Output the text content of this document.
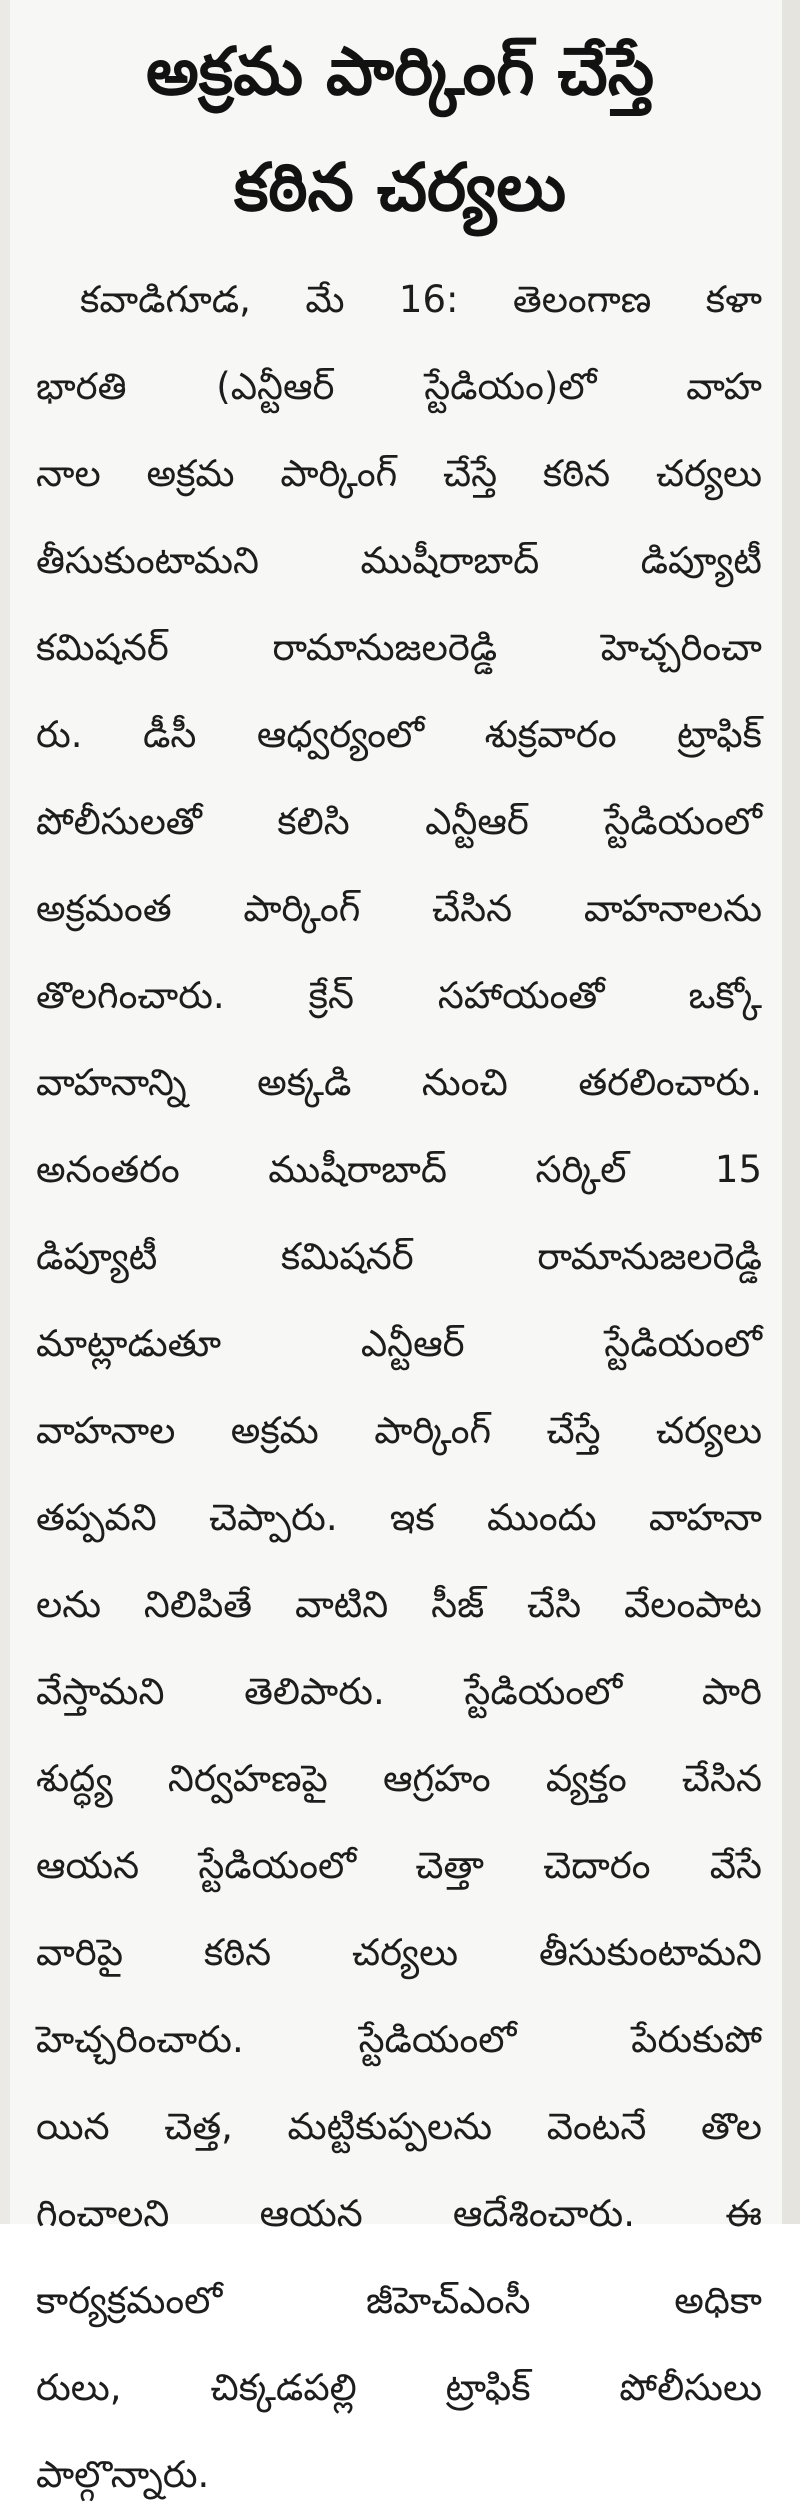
అక్రమ పార్కింగ్ చేస్తే
కఠిన చర్యలు
కవాడిగూడ, మే 16: తెలంగాణ కళా
భారతి (ఎన్టీఆర్ స్టేడియం)లో వాహ
నాల అక్రమ పార్కింగ్ చేస్తే కఠిన చర్యలు
తీసుకుంటామని ముషీరాబాద్ డిప్యూటీ
కమిషనర్ రామానుజలరెడ్డి హెచ్చరించా
రు. డీసీ ఆధ్వర్యంలో శుక్రవారం ట్రాఫిక్
పోలీసులతో కలిసి ఎన్టీఆర్ స్టేడియంలో
అక్రమంత పార్కింగ్ చేసిన వాహనాలను
తొలగించారు. క్రేన్ సహాయంతో ఒక్కో
వాహనాన్ని అక్కడి నుంచి తరలించారు.
అనంతరం ముషీరాబాద్ సర్కిల్ 15
డిప్యూటీ కమిషనర్ రామానుజలరెడ్డి
మాట్లాడుతూ ఎన్టీఆర్ స్టేడియంలో
వాహనాల అక్రమ పార్కింగ్ చేస్తే చర్యలు
తప్పవని చెప్పారు. ఇక ముందు వాహనా
లను నిలిపితే వాటిని సీజ్ చేసి వేలంపాట
వేస్తామని తెలిపారు. స్టేడియంలో పారి
శుద్ధ్య నిర్వహణపై ఆగ్రహం వ్యక్తం చేసిన
ఆయన స్టేడియంలో చెత్తా చెదారం వేసే
వారిపై కఠిన చర్యలు తీసుకుంటామని
హెచ్చరించారు. స్టేడియంలో పేరుకుపో
యిన చెత్త, మట్టికుప్పలను వెంటనే తొల
గించాలని ఆయన ఆదేశించారు. ఈ
కార్యక్రమంలో జీహెచ్ఎంసీ అధికా
రులు, చిక్కడపల్లి ట్రాఫిక్ పోలీసులు
పాల్గొన్నారు.
